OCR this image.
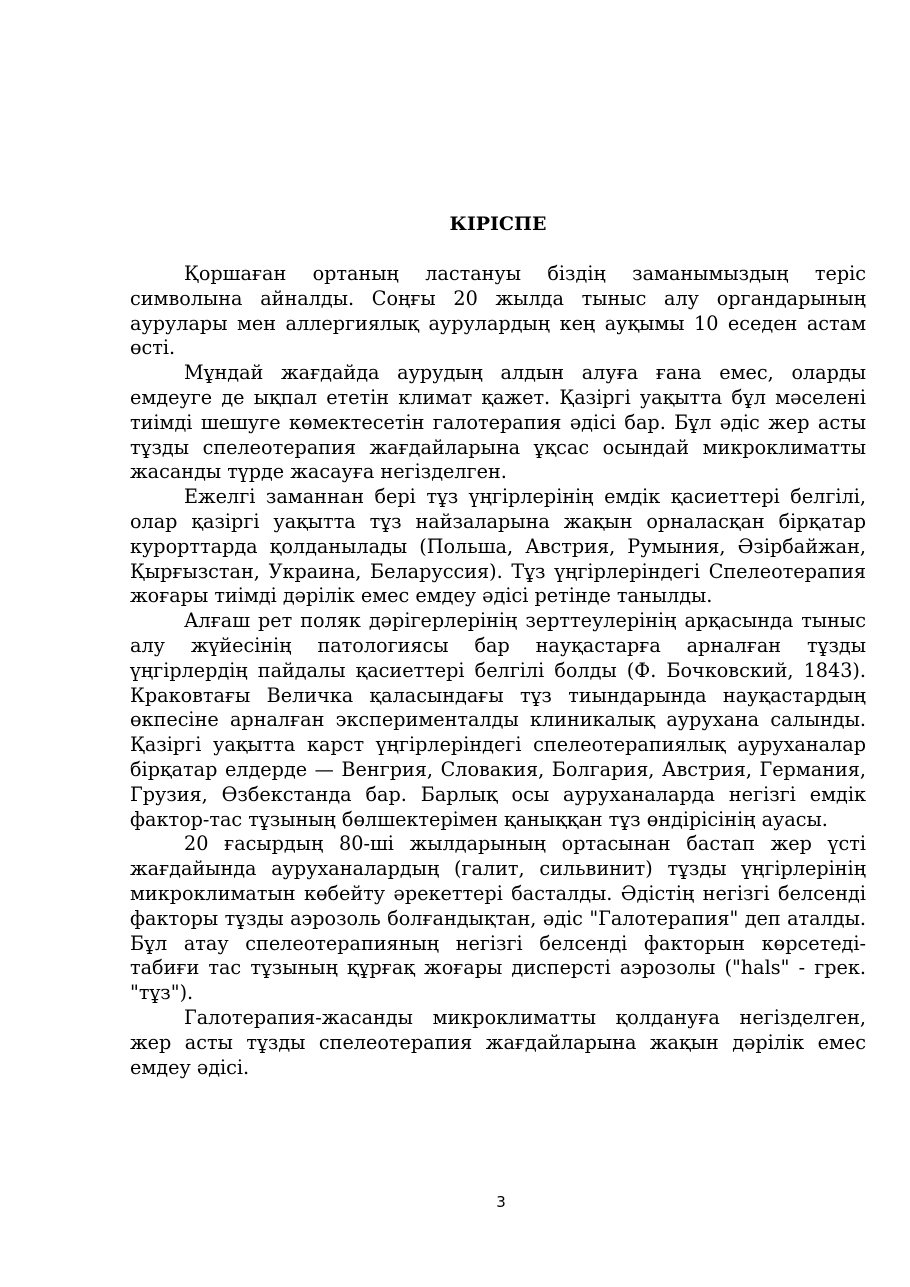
КІРІСПЕ

Қоршаған ортаның ластануы біздің заманымыздың теріс символына айналды. Соңғы 20 жылда тыныс алу органдарының аурулары мен аллергиялық аурулардың кең ауқымы 10 еседен астам өсті.

Мұндай жағдайда аурудың алдын алуға ғана емес, оларды емдеуге де ықпал ететін климат қажет. Қазіргі уақытта бұл мәселені тиімді шешуге көмектесетін галотерапия әдісі бар. Бұл әдіс жер асты тұзды спелеотерапия жағдайларына ұқсас осындай микроклиматты жасанды түрде жасауға негізделген.

Ежелгі заманнан бері тұз үңгірлерінің емдік қасиеттері белгілі, олар қазіргі уақытта тұз найзаларына жақын орналасқан бірқатар курорттарда қолданылады (Польша, Австрия, Румыния, Әзірбайжан, Қырғызстан, Украина, Беларуссия). Тұз үңгірлеріндегі Спелеотерапия жоғары тиімді дәрілік емес емдеу әдісі ретінде танылды.

Алғаш рет поляк дәрігерлерінің зерттеулерінің арқасында тыныс алу жүйесінің патологиясы бар науқастарға арналған тұзды үңгірлердің пайдалы қасиеттері белгілі болды (Ф. Бочковский, 1843). Краковтағы Величка қаласындағы тұз тиындарында науқастардың өкпесіне арналған эксперименталды клиникалық аурухана салынды. Қазіргі уақытта карст үңгірлеріндегі спелеотерапиялық ауруханалар бірқатар елдерде — Венгрия, Словакия, Болгария, Австрия, Германия, Грузия, Өзбекстанда бар. Барлық осы ауруханаларда негізгі емдік фактор-тас тұзының бөлшектерімен қаныққан тұз өндірісінің ауасы.

20 ғасырдың 80-ші жылдарының ортасынан бастап жер үсті жағдайында ауруханалардың (галит, сильвинит) тұзды үңгірлерінің микроклиматын көбейту әрекеттері басталды. Әдістің негізгі белсенді факторы тұзды аэрозоль болғандықтан, әдіс "Галотерапия" деп аталды. Бұл атау спелеотерапияның негізгі белсенді факторын көрсетеді-табиғи тас тұзының құрғақ жоғары дисперсті аэрозолы ("hals" - грек. "тұз").

Галотерапия-жасанды микроклиматты қолдануға негізделген, жер асты тұзды спелеотерапия жағдайларына жақын дәрілік емес емдеу әдісі.

3
